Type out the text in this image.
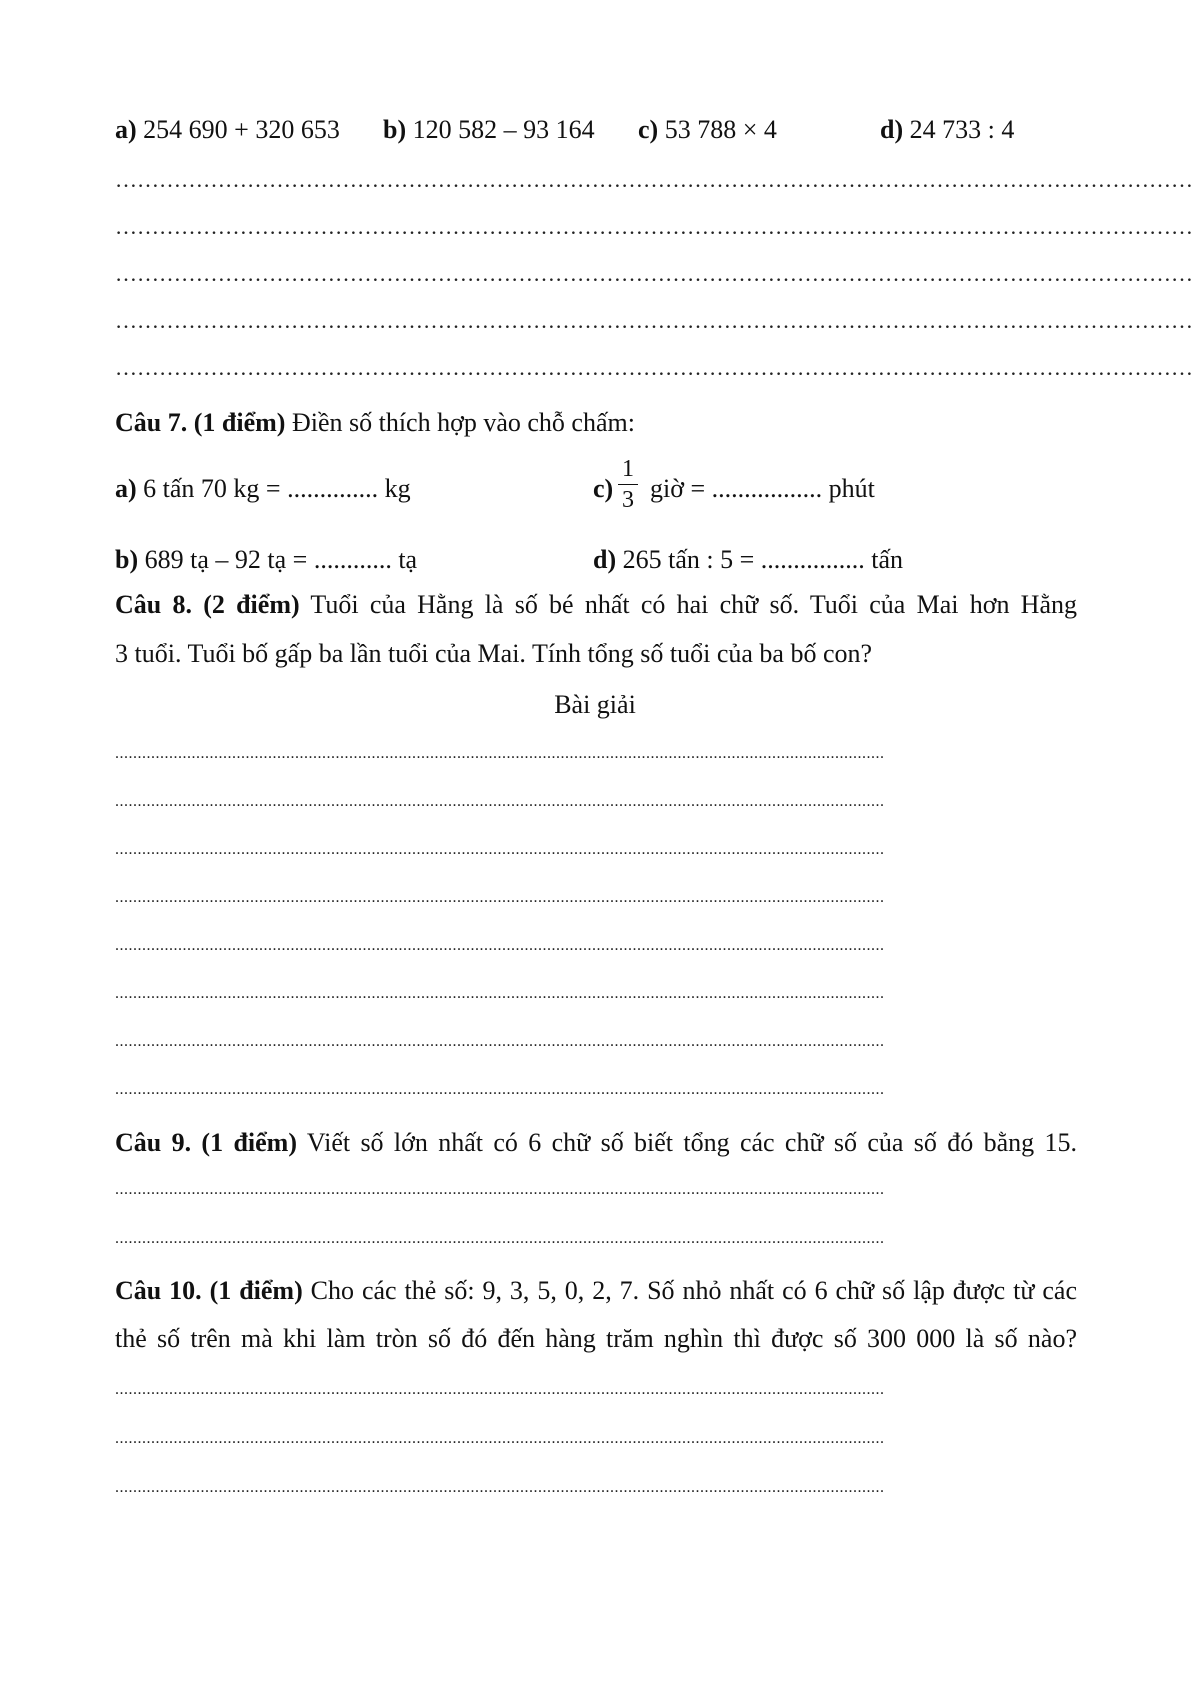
a) 254 690 + 320 653 b) 120 582 – 93 164 c) 53 788 × 4	d) 24 733 : 4
…………………………………………………………………………………………………………………………………
…………………………………………………………………………………………………………………………………
…………………………………………………………………………………………………………………………………
…………………………………………………………………………………………………………………………………
…………………………………………………………………………………………………………………………………
Câu 7. (1 điểm) Điền số thích hợp vào chỗ chấm:
a) 6 tấn 70 kg = .............. kg	c)
1
3 giờ = ................. phút
b) 689 tạ – 92 tạ = ............ tạ	d) 265 tấn : 5 = ................ tấn
Câu 8. (2 điểm) Tuổi của Hằng là số bé nhất có hai chữ số. Tuổi của Mai hơn Hằng
3 tuổi. Tuổi bố gấp ba lần tuổi của Mai. Tính tổng số tuổi của ba bố con?
Bài giải
...........................................................................................................................................................................
...........................................................................................................................................................................
...........................................................................................................................................................................
...........................................................................................................................................................................
...........................................................................................................................................................................
...........................................................................................................................................................................
...........................................................................................................................................................................
...........................................................................................................................................................................
Câu 9. (1 điểm) Viết số lớn nhất có 6 chữ số biết tổng các chữ số của số đó bằng 15.
...........................................................................................................................................................................
...........................................................................................................................................................................
Câu 10. (1 điểm) Cho các thẻ số: 9, 3, 5, 0, 2, 7. Số nhỏ nhất có 6 chữ số lập được từ các
thẻ số trên mà khi làm tròn số đó đến hàng trăm nghìn thì được số 300 000 là số nào?
...........................................................................................................................................................................
...........................................................................................................................................................................
...........................................................................................................................................................................
